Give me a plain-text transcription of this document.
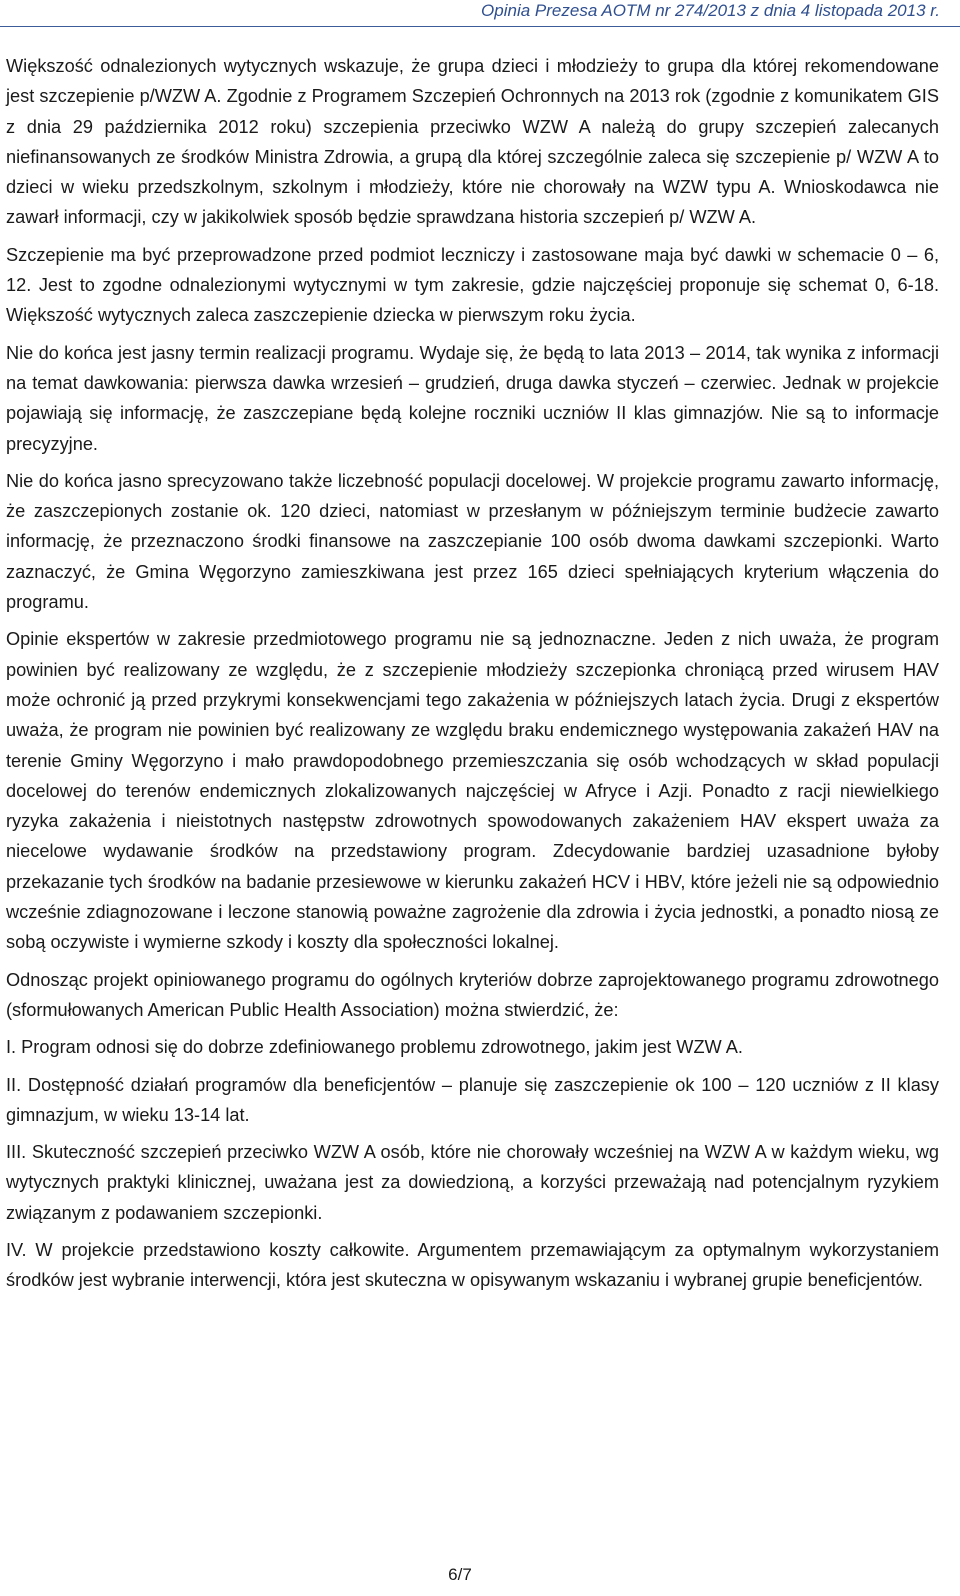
Opinia Prezesa AOTM nr 274/2013 z dnia 4 listopada 2013 r.

Większość odnalezionych wytycznych wskazuje, że grupa dzieci i młodzieży to grupa dla której rekomendowane jest szczepienie p/WZW A. Zgodnie z Programem Szczepień Ochronnych na 2013 rok (zgodnie z komunikatem GIS z dnia 29 października 2012 roku) szczepienia przeciwko WZW A należą do grupy szczepień zalecanych niefinansowanych ze środków Ministra Zdrowia, a grupą dla której szczególnie zaleca się szczepienie p/ WZW A to dzieci w wieku przedszkolnym, szkolnym i młodzieży, które nie chorowały na WZW typu A. Wnioskodawca nie zawarł informacji, czy w jakikolwiek sposób będzie sprawdzana historia szczepień p/ WZW A.

Szczepienie ma być przeprowadzone przed podmiot leczniczy i zastosowane maja być dawki w schemacie 0 – 6, 12. Jest to zgodne odnalezionymi wytycznymi w tym zakresie, gdzie najczęściej proponuje się schemat 0, 6-18. Większość wytycznych zaleca zaszczepienie dziecka w pierwszym roku życia.

Nie do końca jest jasny termin realizacji programu. Wydaje się, że będą to lata 2013 – 2014, tak wynika z informacji na temat dawkowania: pierwsza dawka wrzesień – grudzień, druga dawka styczeń – czerwiec. Jednak w projekcie pojawiają się informację, że zaszczepiane będą kolejne roczniki uczniów II klas gimnazjów. Nie są to informacje precyzyjne.

Nie do końca jasno sprecyzowano także liczebność populacji docelowej. W projekcie programu zawarto informację, że zaszczepionych zostanie ok. 120 dzieci, natomiast w przesłanym w późniejszym terminie budżecie zawarto informację, że przeznaczono środki finansowe na zaszczepianie 100 osób dwoma dawkami szczepionki. Warto zaznaczyć, że Gmina Węgorzyno zamieszkiwana jest przez 165 dzieci spełniających kryterium włączenia do programu.

Opinie ekspertów w zakresie przedmiotowego programu nie są jednoznaczne. Jeden z nich uważa, że program powinien być realizowany ze względu, że z szczepienie młodzieży szczepionka chroniącą przed wirusem HAV może ochronić ją przed przykrymi konsekwencjami tego zakażenia w późniejszych latach życia. Drugi z ekspertów uważa, że program nie powinien być realizowany ze względu braku endemicznego występowania zakażeń HAV na terenie Gminy Węgorzyno i mało prawdopodobnego przemieszczania się osób wchodzących w skład populacji docelowej do terenów endemicznych zlokalizowanych najczęściej w Afryce i Azji. Ponadto z racji niewielkiego ryzyka zakażenia i nieistotnych następstw zdrowotnych spowodowanych zakażeniem HAV ekspert uważa za niecelowe wydawanie środków na przedstawiony program. Zdecydowanie bardziej uzasadnione byłoby przekazanie tych środków na badanie przesiewowe w kierunku zakażeń HCV i HBV, które jeżeli nie są odpowiednio wcześnie zdiagnozowane i leczone stanowią poważne zagrożenie dla zdrowia i życia jednostki, a ponadto niosą ze sobą oczywiste i wymierne szkody i koszty dla społeczności lokalnej.

Odnosząc projekt opiniowanego programu do ogólnych kryteriów dobrze zaprojektowanego programu zdrowotnego (sformułowanych American Public Health Association) można stwierdzić, że:

I. Program odnosi się do dobrze zdefiniowanego problemu zdrowotnego, jakim jest WZW A.

II. Dostępność działań programów dla beneficjentów – planuje się zaszczepienie ok 100 – 120 uczniów z II klasy gimnazjum, w wieku 13-14 lat.

III. Skuteczność szczepień przeciwko WZW A osób, które nie chorowały wcześniej na WZW A w każdym wieku, wg wytycznych praktyki klinicznej, uważana jest za dowiedzioną, a korzyści przeważają nad potencjalnym ryzykiem związanym z podawaniem szczepionki.

IV. W projekcie przedstawiono koszty całkowite. Argumentem przemawiającym za optymalnym wykorzystaniem środków jest wybranie interwencji, która jest skuteczna w opisywanym wskazaniu i wybranej grupie beneficjentów.

6/7
